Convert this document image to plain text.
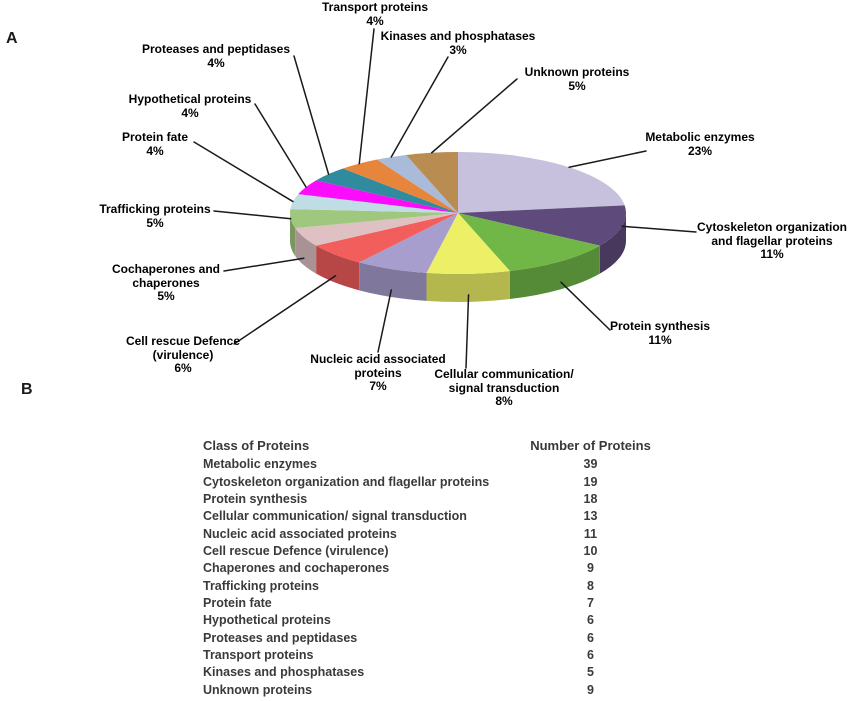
A
Metabolic enzymes
23%
Cytoskeleton organization
and flagellar proteins
11%
Protein synthesis
11%
Cellular communication/
signal transduction
8%
Nucleic acid associated
proteins
7%
Cell rescue Defence
(virulence)
6%
Cochaperones and
chaperones
5%
Trafficking proteins
5%
Protein fate
4%
Hypothetical proteins
4%
Proteases and peptidases
4%
Transport proteins
4%
Kinases and phosphatases
3%
Unknown proteins
5%
B
Class of Proteins	Number of Proteins
Metabolic enzymes	39
Cytoskeleton organization and flagellar proteins	19
Protein synthesis	18
Cellular communication/ signal transduction	13
Nucleic acid associated proteins	11
Cell rescue Defence (virulence)	10
Chaperones and cochaperones	9
Trafficking proteins	8
Protein fate	7
Hypothetical proteins	6
Proteases and peptidases	6
Transport proteins	6
Kinases and phosphatases	5
Unknown proteins	9
